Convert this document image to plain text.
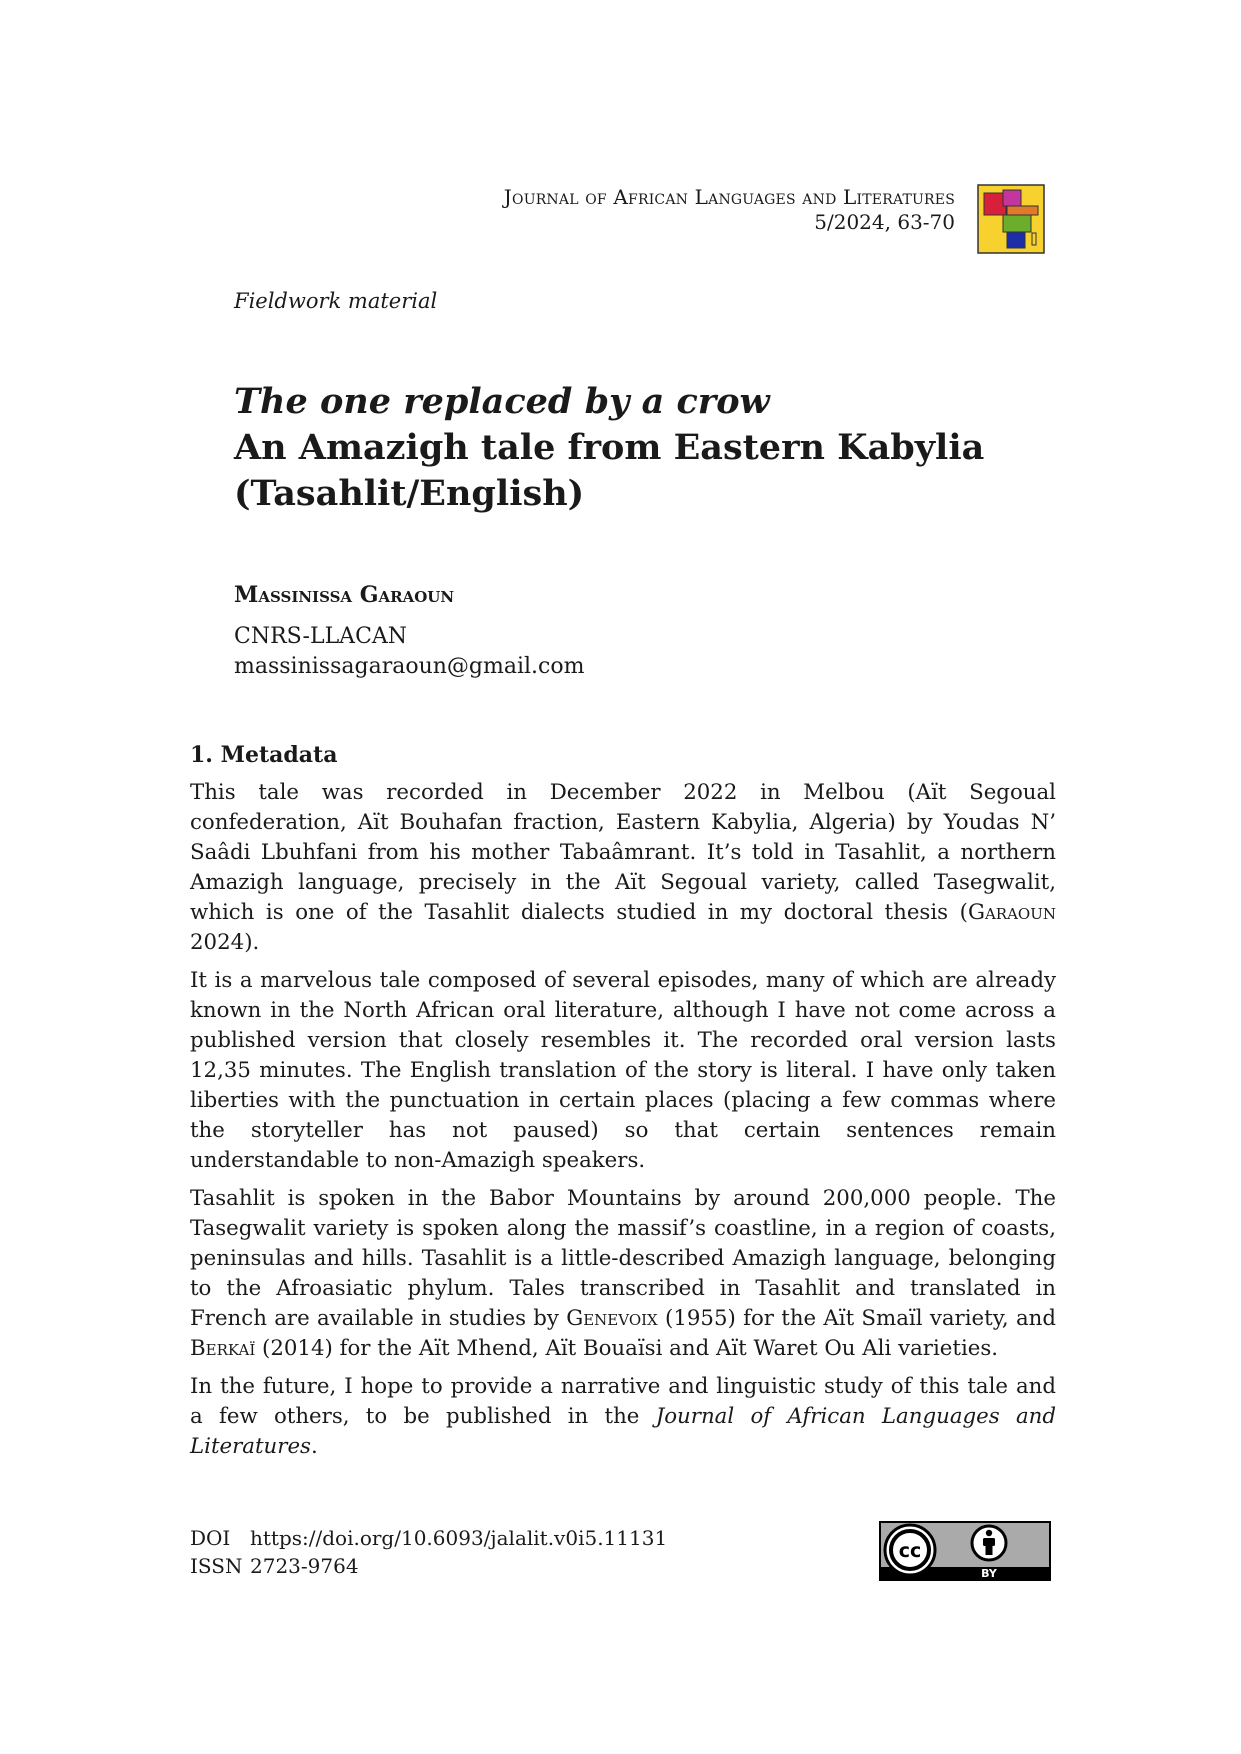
Journal of African Languages and Literatures
5/2024, 63-70
Fieldwork material
The one replaced by a crow
An Amazigh tale from Eastern Kabylia
(Tasahlit/English)
Massinissa Garaoun
CNRS-LLACAN
massinissagaraoun@gmail.com
1. Metadata

This tale was recorded in December 2022 in Melbou (Aït Segoual confederation, Aït Bouhafan fraction, Eastern Kabylia, Algeria) by Youdas N’ Saâdi Lbuhfani from his mother Tabaâmrant. It’s told in Tasahlit, a northern Amazigh language, precisely in the Aït Segoual variety, called Tasegwalit, which is one of the Tasahlit dialects studied in my doctoral thesis (Garaoun 2024).

It is a marvelous tale composed of several episodes, many of which are already known in the North African oral literature, although I have not come across a published version that closely resembles it. The recorded oral version lasts 12,35 minutes. The English translation of the story is literal. I have only taken liberties with the punctuation in certain places (placing a few commas where the storyteller has not paused) so that certain sentences remain understandable to non-Amazigh speakers.

Tasahlit is spoken in the Babor Mountains by around 200,000 people. The Tasegwalit variety is spoken along the massif’s coastline, in a region of coasts, peninsulas and hills. Tasahlit is a little-described Amazigh language, belonging to the Afroasiatic phylum. Tales transcribed in Tasahlit and translated in French are available in studies by Genevoix (1955) for the Aït Smaïl variety, and Berkaï (2014) for the Aït Mhend, Aït Bouaïsi and Aït Waret Ou Ali varieties.

In the future, I hope to provide a narrative and linguistic study of this tale and a few others, to be published in the Journal of African Languages and Literatures.

DOI https://doi.org/10.6093/jalalit.v0i5.11131
ISSN 2723-9764
cc
BY
